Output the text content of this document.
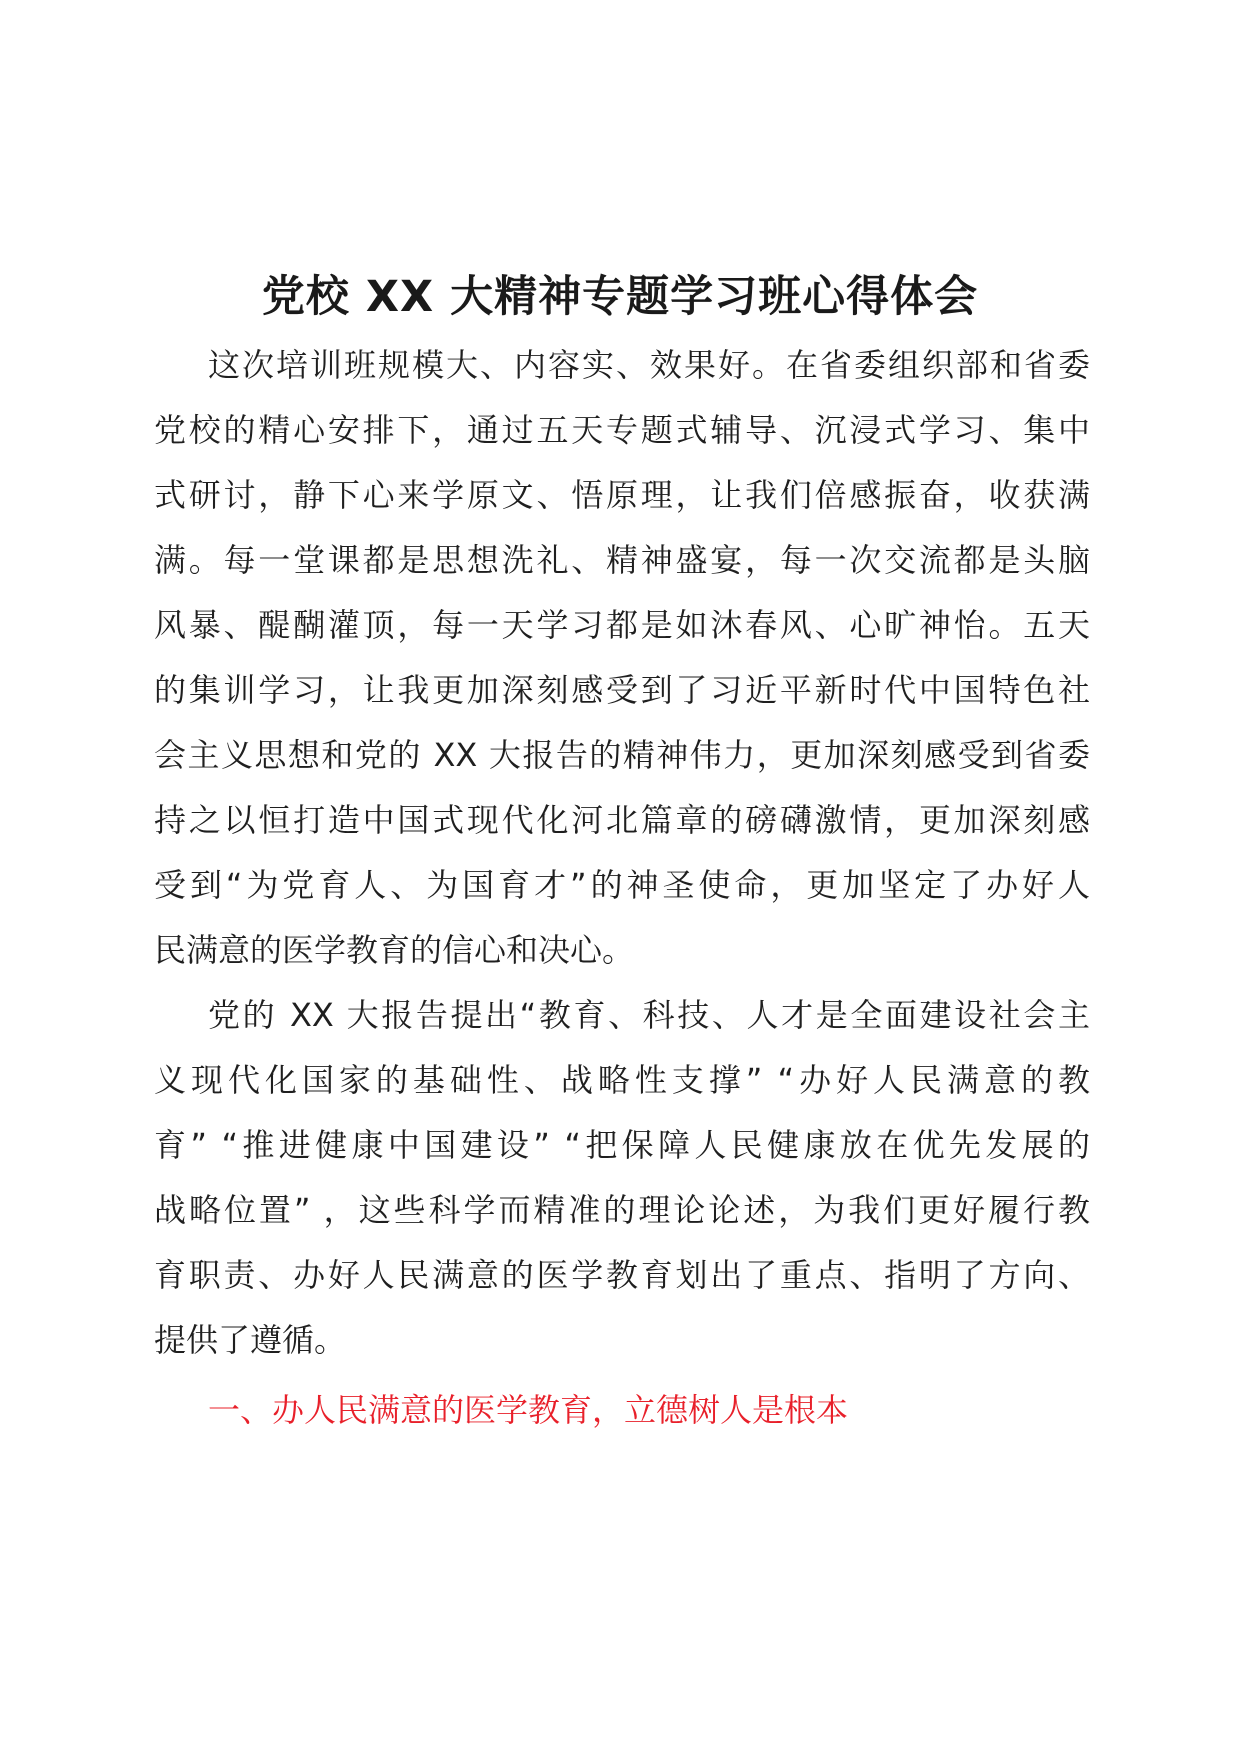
党校 XX 大精神专题学习班心得体会
这次培训班规模大、内容实、效果好。在省委组织部和省委
党校的精心安排下，通过五天专题式辅导、沉浸式学习、集中
式研讨，静下心来学原文、悟原理，让我们倍感振奋，收获满
满。每一堂课都是思想洗礼、精神盛宴，每一次交流都是头脑
风暴、醍醐灌顶，每一天学习都是如沐春风、心旷神怡。五天
的集训学习，让我更加深刻感受到了习近平新时代中国特色社
会主义思想和党的 XX 大报告的精神伟力，更加深刻感受到省委
持之以恒打造中国式现代化河北篇章的磅礴激情，更加深刻感
受到“为党育人、为国育才”的神圣使命，更加坚定了办好人
民满意的医学教育的信心和决心。
党的 XX 大报告提出“教育、科技、人才是全面建设社会主
义现代化国家的基础性、战略性支撑” “办好人民满意的教
育” “推进健康中国建设” “把保障人民健康放在优先发展的
战略位置” ，这些科学而精准的理论论述，为我们更好履行教
育职责、办好人民满意的医学教育划出了重点、指明了方向、
提供了遵循。
一、办人民满意的医学教育，立德树人是根本
